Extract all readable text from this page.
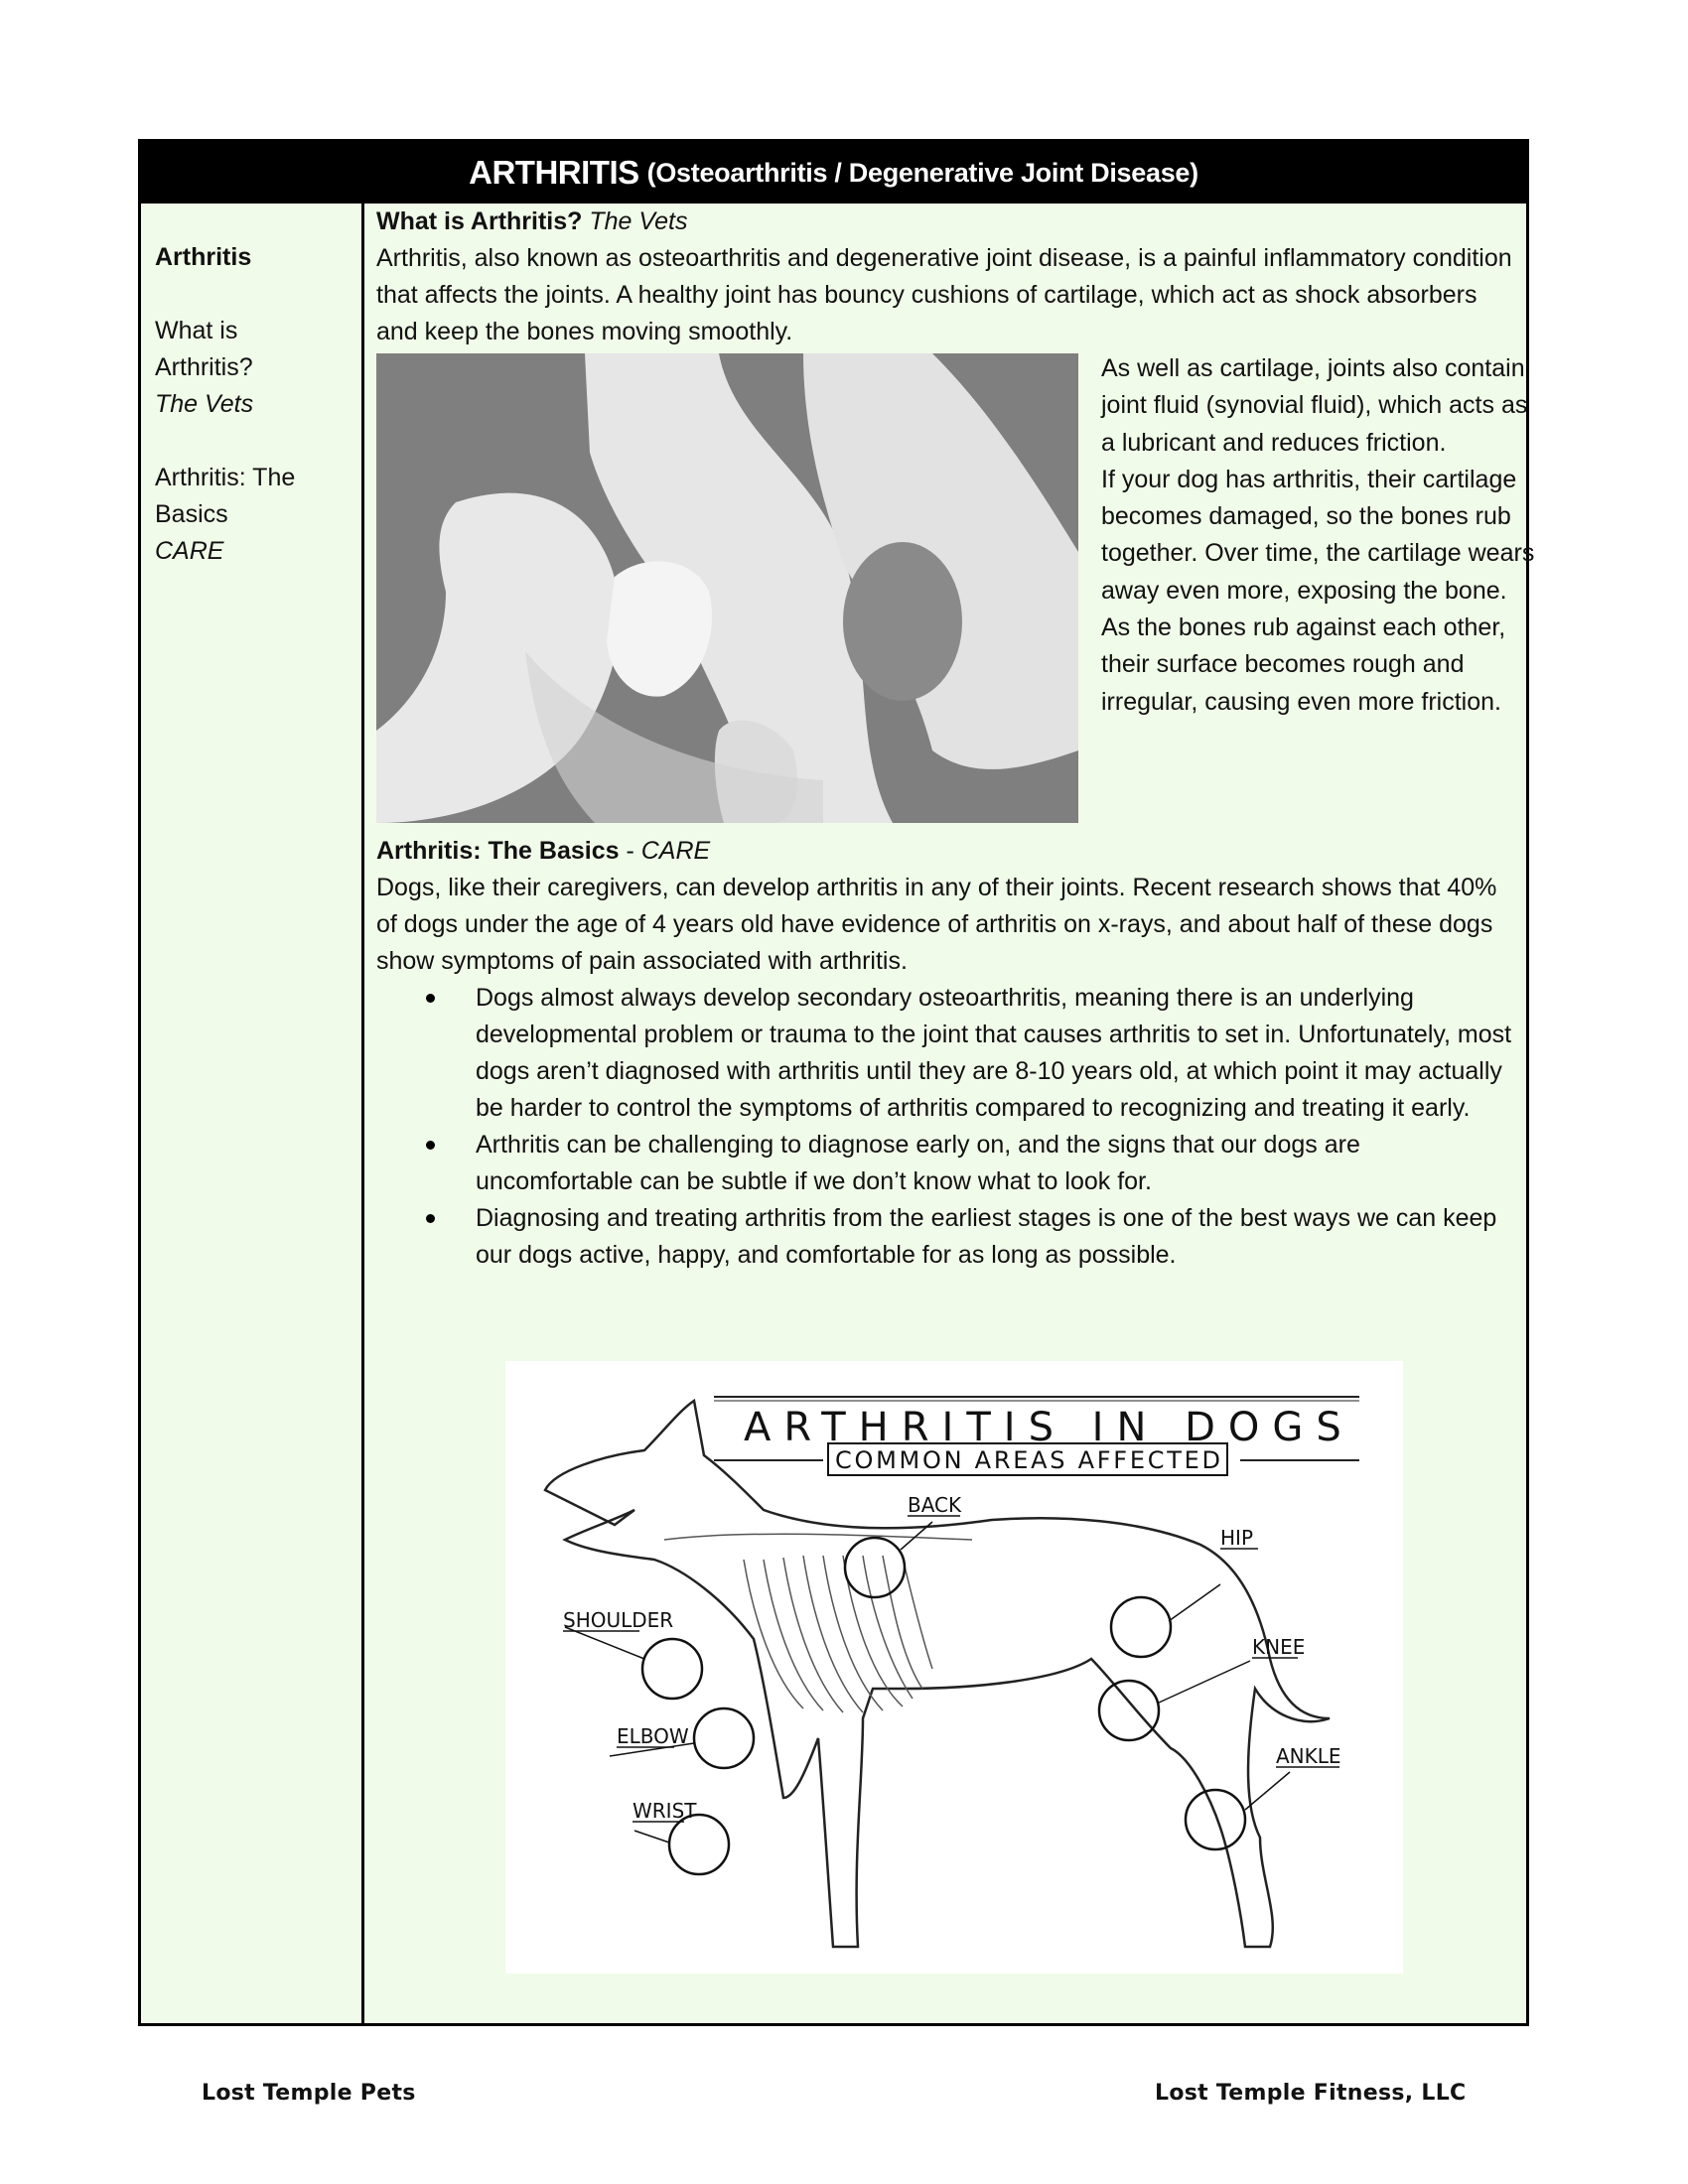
ARTHRITIS (Osteoarthritis / Degenerative Joint Disease)
Arthritis
What is
Arthritis?
The Vets
Arthritis: The
Basics
CARE
What is Arthritis? The Vets

Arthritis, also known as osteoarthritis and degenerative joint disease, is a painful inflammatory condition that affects the joints. A healthy joint has bouncy cushions of cartilage, which act as shock absorbers and keep the bones moving smoothly.

As well as cartilage, joints also contain joint fluid (synovial fluid), which acts as a lubricant and reduces friction.

If your dog has arthritis, their cartilage becomes damaged, so the bones rub together. Over time, the cartilage wears away even more, exposing the bone. As the bones rub against each other, their surface becomes rough and irregular, causing even more friction.

Arthritis: The Basics - CARE

Dogs, like their caregivers, can develop arthritis in any of their joints. Recent research shows that 40% of dogs under the age of 4 years old have evidence of arthritis on x-rays, and about half of these dogs show symptoms of pain associated with arthritis.

Dogs almost always develop secondary osteoarthritis, meaning there is an underlying developmental problem or trauma to the joint that causes arthritis to set in. Unfortunately, most dogs aren’t diagnosed with arthritis until they are 8-10 years old, at which point it may actually be harder to control the symptoms of arthritis compared to recognizing and treating it early.
Arthritis can be challenging to diagnose early on, and the signs that our dogs are uncomfortable can be subtle if we don’t know what to look for.
Diagnosing and treating arthritis from the earliest stages is one of the best ways we can keep our dogs active, happy, and comfortable for as long as possible.
ARTHRITIS IN DOGS
COMMON AREAS AFFECTED
BACK
HIP
SHOULDER
KNEE
ELBOW
ANKLE
WRIST
Lost Temple Pets	Lost Temple Fitness, LLC
